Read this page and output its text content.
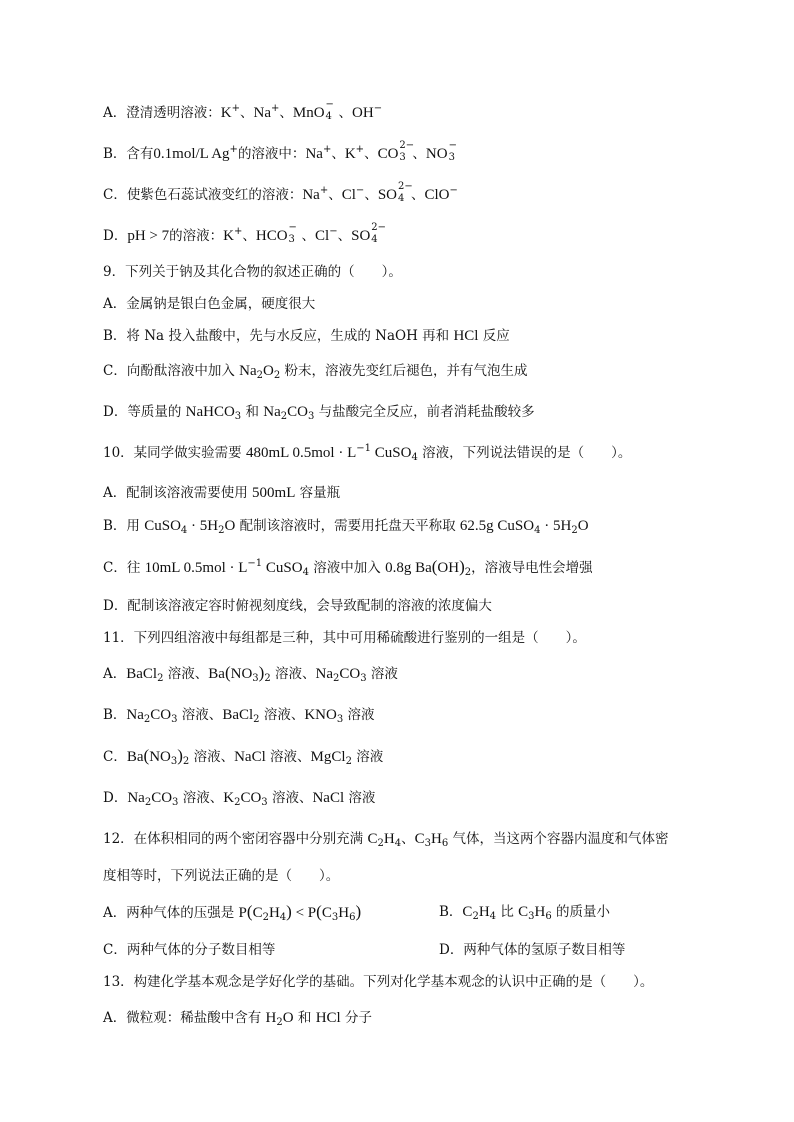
A．澄清透明溶液：K+、Na+、MnO
−
4 、OH−
B．含有0.1mol/L Ag+的溶液中：Na+、K+、CO
2−
3 、NO
−
3
C．使紫色石蕊试液变红的溶液：Na+、Cl−、SO
2−
4 、ClO−
D．pH > 7的溶液：K+、HCO
−
3 、Cl−、SO
2−
4
9．下列关于钠及其化合物的叙述正确的（　　）。
A．金属钠是银白色金属，硬度很大
B．将 Na 投入盐酸中，先与水反应，生成的 NaOH 再和 HCl 反应
C．向酚酞溶液中加入 $Na_2O_2$ 粉末，溶液先变红后褪色，并有气泡生成
D．等质量的 NaHCO$_3$ 和 $Na_2CO_3$ 与盐酸完全反应，前者消耗盐酸较多
10．某同学做实验需要 480mL $0.5mol \cdot L^{-1}$ CuSO$_4$ 溶液，下列说法错误的是（　　）。
A．配制该溶液需要使用 500mL 容量瓶
B．用 CuSO$_4$ · $5H_2O$ 配制该溶液时，需要用托盘天平称取 62.5g CuSO$_4$ · $5H_2O$
C．往 10mL $0.5mol \cdot L^{-1}$ CuSO$_4$ 溶液中加入 0.8g $Ba(OH)_2$，溶液导电性会增强
D．配制该溶液定容时俯视刻度线，会导致配制的溶液的浓度偏大
11．下列四组溶液中每组都是三种，其中可用稀硫酸进行鉴别的一组是（　　）。
A．BaCl$_2$ 溶液、$Ba(NO_3)_2$ 溶液、$Na_2CO_3$ 溶液
B．$Na_2CO_3$ 溶液、BaCl$_2$ 溶液、$KNO_3$ 溶液
C．$Ba(NO_3)_2$ 溶液、NaCl 溶液、MgCl$_2$ 溶液
D．$Na_2CO_3$ 溶液、$K_2CO_3$ 溶液、NaCl 溶液
12．在体积相同的两个密闭容器中分别充满 $C_2H_4$、$C_3H_6$ 气体，当这两个容器内温度和气体密
度相等时，下列说法正确的是（　　）。
A．两种气体的压强是 $P(C_2H_4) < P(C_3H_6)$	B．$C_2H_4$ 比 $C_3H_6$ 的质量小
C．两种气体的分子数目相等	D．两种气体的氢原子数目相等
13．构建化学基本观念是学好化学的基础。下列对化学基本观念的认识中正确的是（　　）。
A．微粒观：稀盐酸中含有 $H_2O$ 和 HCl 分子
